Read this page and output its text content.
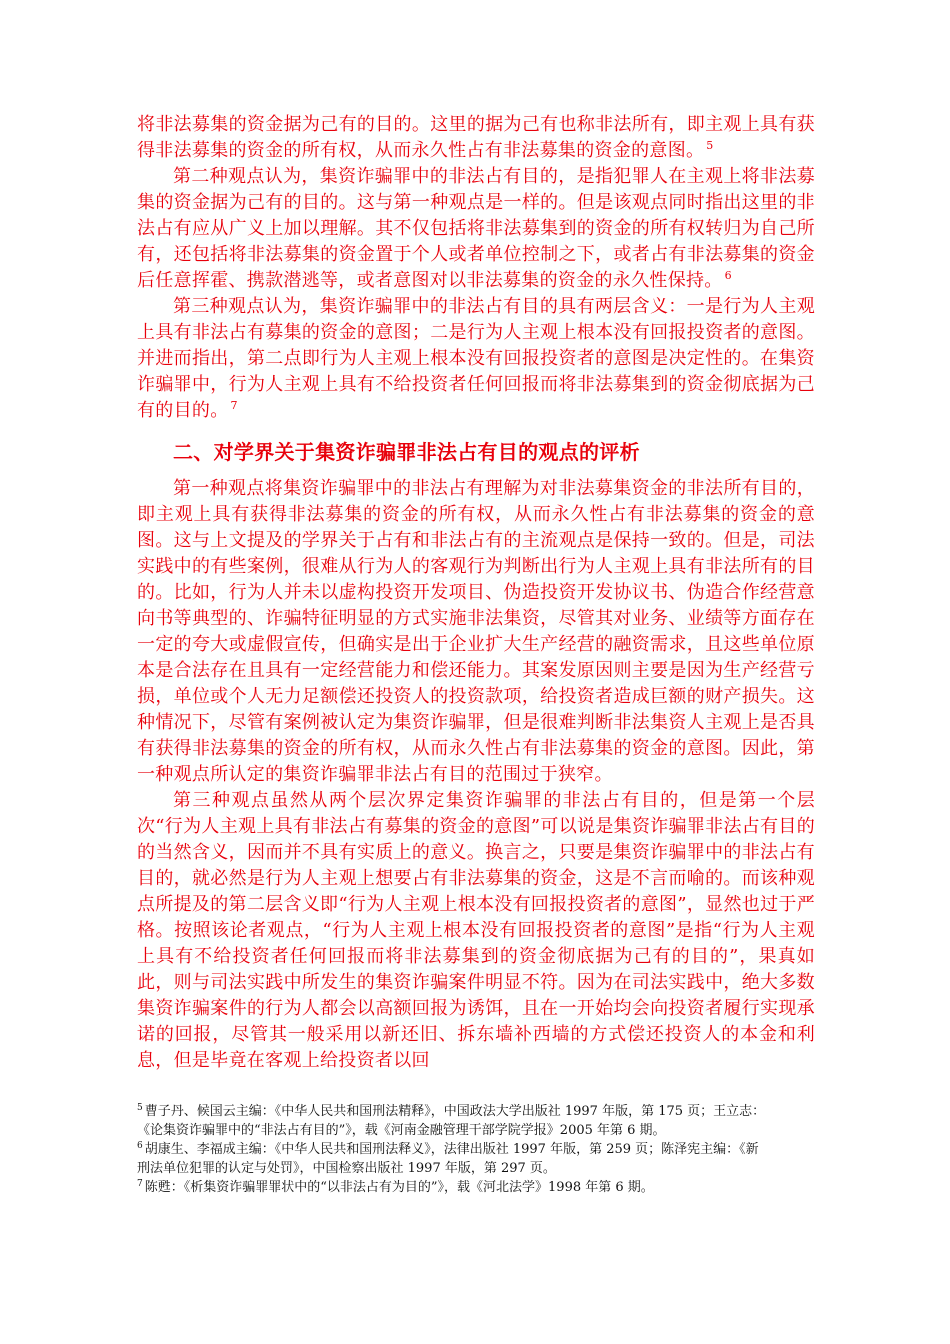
将非法募集的资金据为己有的目的。这里的据为己有也称非法所有，即主观上具有获得非法募集的资金的所有权，从而永久性占有非法募集的资金的意图。 $^5$

第二种观点认为，集资诈骗罪中的非法占有目的，是指犯罪人在主观上将非法募集的资金据为己有的目的。这与第一种观点是一样的。但是该观点同时指出这里的非法占有应从广义上加以理解。其不仅包括将非法募集到的资金的所有权转归为自己所有，还包括将非法募集的资金置于个人或者单位控制之下，或者占有非法募集的资金后任意挥霍、携款潜逃等，或者意图对以非法募集的资金的永久性保持。 $^6$

第三种观点认为，集资诈骗罪中的非法占有目的具有两层含义：一是行为人主观上具有非法占有募集的资金的意图；二是行为人主观上根本没有回报投资者的意图。并进而指出，第二点即行为人主观上根本没有回报投资者的意图是决定性的。在集资诈骗罪中，行为人主观上具有不给投资者任何回报而将非法募集到的资金彻底据为己有的目的。 $^7$

二、对学界关于集资诈骗罪非法占有目的观点的评析

第一种观点将集资诈骗罪中的非法占有理解为对非法募集资金的非法所有目的，即主观上具有获得非法募集的资金的所有权，从而永久性占有非法募集的资金的意图。这与上文提及的学界关于占有和非法占有的主流观点是保持一致的。但是，司法实践中的有些案例，很难从行为人的客观行为判断出行为人主观上具有非法所有的目的。比如，行为人并未以虚构投资开发项目、伪造投资开发协议书、伪造合作经营意向书等典型的、诈骗特征明显的方式实施非法集资，尽管其对业务、业绩等方面存在一定的夸大或虚假宣传，但确实是出于企业扩大生产经营的融资需求，且这些单位原本是合法存在且具有一定经营能力和偿还能力。其案发原因则主要是因为生产经营亏损，单位或个人无力足额偿还投资人的投资款项，给投资者造成巨额的财产损失。这种情况下，尽管有案例被认定为集资诈骗罪，但是很难判断非法集资人主观上是否具有获得非法募集的资金的所有权，从而永久性占有非法募集的资金的意图。因此，第一种观点所认定的集资诈骗罪非法占有目的范围过于狭窄。

第三种观点虽然从两个层次界定集资诈骗罪的非法占有目的，但是第一个层次“行为人主观上具有非法占有募集的资金的意图”可以说是集资诈骗罪非法占有目的的当然含义，因而并不具有实质上的意义。换言之，只要是集资诈骗罪中的非法占有目的，就必然是行为人主观上想要占有非法募集的资金，这是不言而喻的。而该种观点所提及的第二层含义即“行为人主观上根本没有回报投资者的意图”，显然也过于严格。按照该论者观点，“行为人主观上根本没有回报投资者的意图”是指“行为人主观上具有不给投资者任何回报而将非法募集到的资金彻底据为己有的目的”，果真如此，则与司法实践中所发生的集资诈骗案件明显不符。因为在司法实践中，绝大多数集资诈骗案件的行为人都会以高额回报为诱饵，且在一开始均会向投资者履行实现承诺的回报，尽管其一般采用以新还旧、拆东墙补西墙的方式偿还投资人的本金和利息，但是毕竟在客观上给投资者以回

$^5$ 曹子丹、候国云主编：《中华人民共和国刑法精释》，中国政法大学出版社 1997 年版，第 175 页；王立志：
《论集资诈骗罪中的“非法占有目的”》，载《河南金融管理干部学院学报》2005 年第 6 期。
$^6$ 胡康生、李福成主编：《中华人民共和国刑法释义》，法律出版社 1997 年版，第 259 页；陈泽宪主编：《新
刑法单位犯罪的认定与处罚》，中国检察出版社 1997 年版，第 297 页。
$^7$ 陈甦：《析集资诈骗罪罪状中的“以非法占有为目的”》，载《河北法学》1998 年第 6 期。
